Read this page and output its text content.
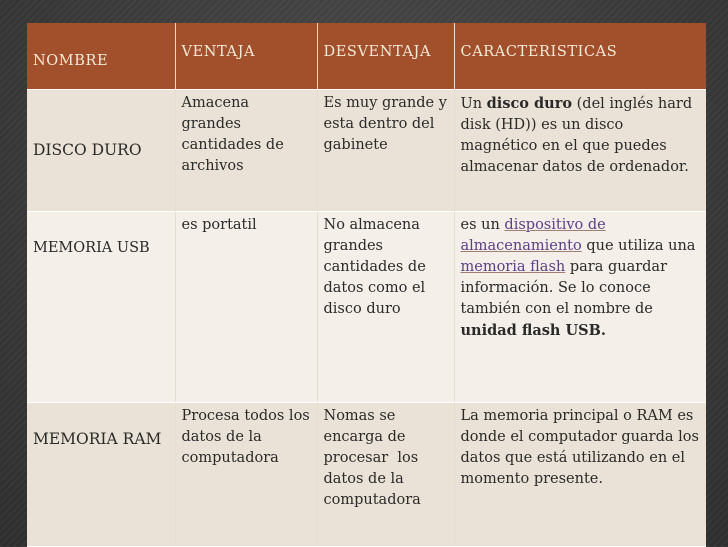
NOMBRE	VENTAJA	DESVENTAJA	CARACTERISTICAS
DISCO DURO	Amacena grandes cantidades de archivos	Es muy grande y esta dentro del gabinete	Un disco duro (del inglés hard disk (HD)) es un disco magnético en el que puedes almacenar datos de ordenador.
MEMORIA USB	es portatil	No almacena grandes cantidades de datos como el disco duro	es un dispositivo de almacenamiento que utiliza una memoria flash para guardar información. Se lo conoce también con el nombre de unidad flash USB.
MEMORIA RAM	Procesa todos los datos de la computadora	Nomas se encarga de procesar  los datos de la computadora	La memoria principal o RAM es donde el computador guarda los datos que está utilizando en el momento presente.
